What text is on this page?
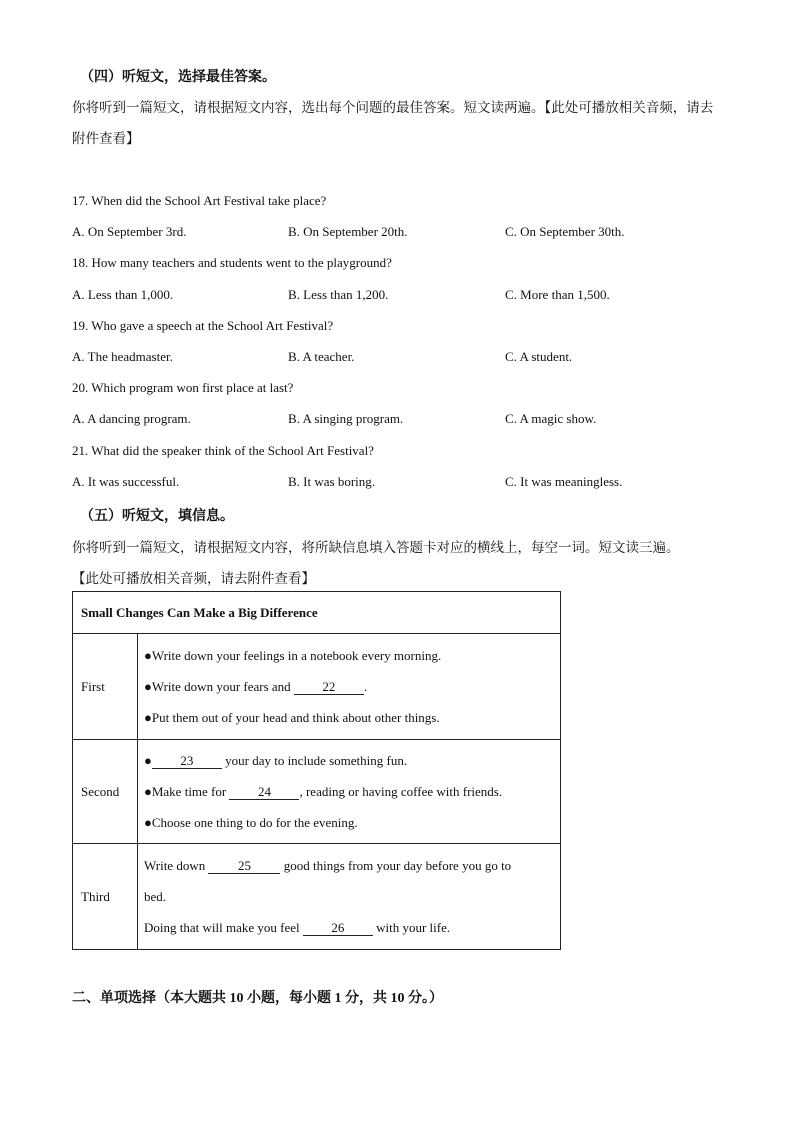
（四）听短文，选择最佳答案。
你将听到一篇短文，请根据短文内容，选出每个问题的最佳答案。短文读两遍。【此处可播放相关音频，请去附件查看】
17. When did the School Art Festival take place?
A. On September 3rd.	B. On September 20th.	C. On September 30th.
18. How many teachers and students went to the playground?
A. Less than 1,000.	B. Less than 1,200.	C. More than 1,500.
19. Who gave a speech at the School Art Festival?
A. The headmaster.	B. A teacher.	C. A student.
20. Which program won first place at last?
A. A dancing program.	B. A singing program.	C. A magic show.
21. What did the speaker think of the School Art Festival?
A. It was successful.	B. It was boring.	C. It was meaningless.
（五）听短文，填信息。
你将听到一篇短文，请根据短文内容，将所缺信息填入答题卡对应的横线上，每空一词。短文读三遍。
【此处可播放相关音频，请去附件查看】
Small Changes Can Make a Big Difference	
First	●Write down your feelings in a notebook every morning.
●Write down your fears and 22 .
●Put them out of your head and think about other things.

Second	● 23 your day to include something fun.
●Make time for 24 , reading or having coffee with friends.
●Choose one thing to do for the evening.

Third	Write down 25 good things from your day before you go to
bed.
Doing that will make you feel 26 with your life.
二、单项选择（本大题共 10 小题，每小题 1 分，共 10 分。）
